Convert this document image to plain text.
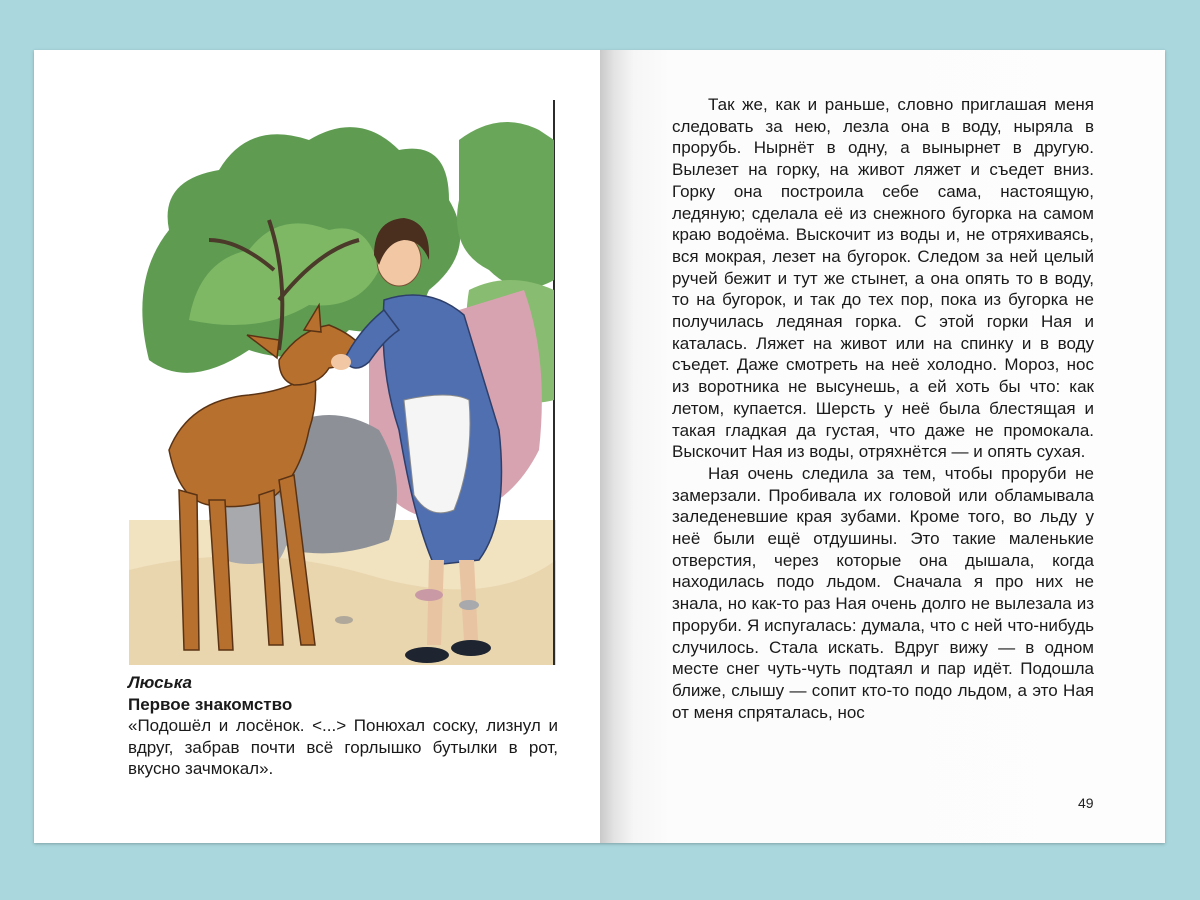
Люська
Первое знакомство
«Подошёл и лосёнок. <...> Понюхал соску, лизнул и вдруг, забрав почти всё горлышко бутылки в рот, вкусно зачмокал».

Так же, как и раньше, словно приглашая меня следовать за нею, лезла она в воду, ныряла в прорубь. Нырнёт в одну, а вынырнет в другую. Вылезет на горку, на живот ляжет и съедет вниз. Горку она построила себе сама, настоящую, ледяную; сделала её из снежного бугорка на самом краю водоёма. Выскочит из воды и, не отряхиваясь, вся мокрая, лезет на бугорок. Следом за ней целый ручей бежит и тут же стынет, а она опять то в воду, то на бугорок, и так до тех пор, пока из бугорка не получилась ледяная горка. С этой горки Ная и каталась. Ляжет на живот или на спинку и в воду съедет. Даже смотреть на неё холодно. Мороз, нос из воротника не высунешь, а ей хоть бы что: как летом, купается. Шерсть у неё была блестящая и такая гладкая да густая, что даже не промокала. Выскочит Ная из воды, отряхнётся — и опять сухая.

Ная очень следила за тем, чтобы проруби не замерзали. Пробивала их головой или обламывала заледеневшие края зубами. Кроме того, во льду у неё были ещё отдушины. Это такие маленькие отверстия, через которые она дышала, когда находилась подо льдом. Сначала я про них не знала, но как-то раз Ная очень долго не вылезала из проруби. Я испугалась: думала, что с ней что-нибудь случилось. Стала искать. Вдруг вижу — в одном месте снег чуть-чуть подтаял и пар идёт. Подошла ближе, слышу — сопит кто-то подо льдом, а это Ная от меня спряталась, нос

49
